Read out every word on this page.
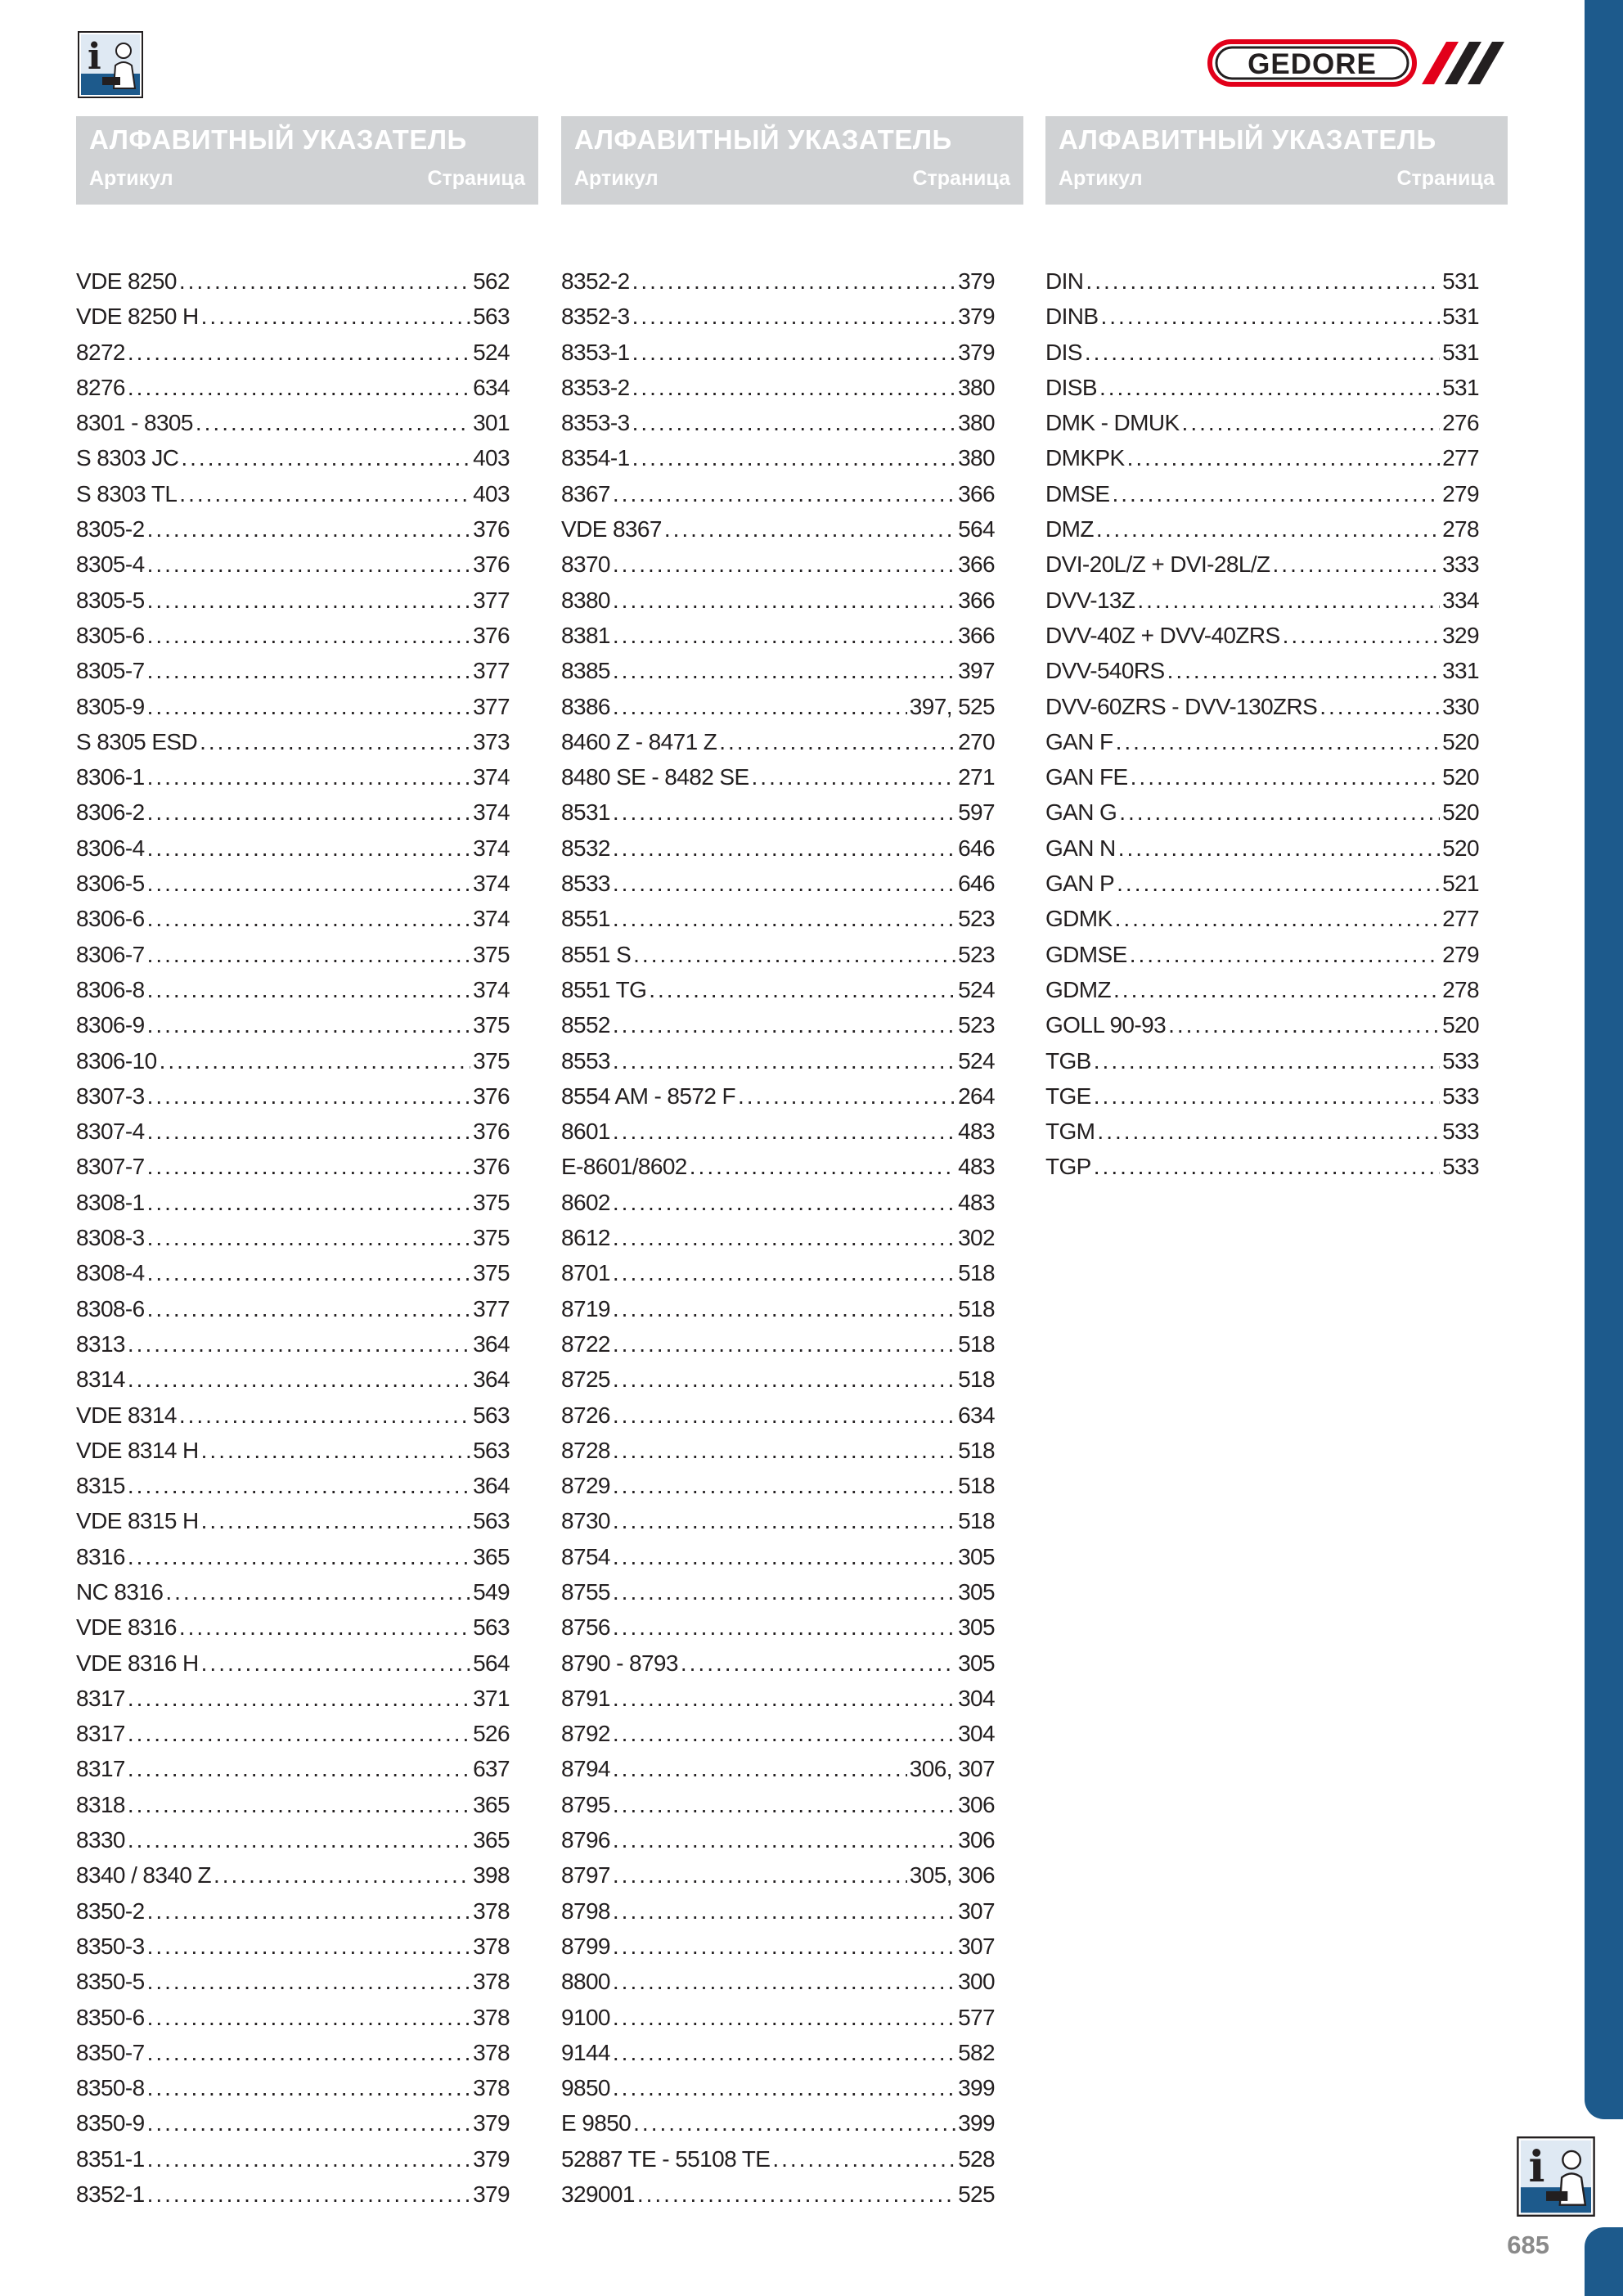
i	GEDORE
АЛФАВИТНЫЙ УКАЗАТЕЛЬ
Артикул	Страница
АЛФАВИТНЫЙ УКАЗАТЕЛЬ
Артикул	Страница
АЛФАВИТНЫЙ УКАЗАТЕЛЬ
Артикул	Страница
VDE 8250 .....	562
VDE 8250 H .....	563
8272 .....	524
8276 .....	634
8301 - 8305 .....	301
S 8303 JC .....	403
S 8303 TL .....	403
8305-2 .....	376
8305-4 .....	376
8305-5 .....	377
8305-6 .....	376
8305-7 .....	377
8305-9 .....	377
S 8305 ESD .....	373
8306-1 .....	374
8306-2 .....	374
8306-4 .....	374
8306-5 .....	374
8306-6 .....	374
8306-7 .....	375
8306-8 .....	374
8306-9 .....	375
8306-10 .....	375
8307-3 .....	376
8307-4 .....	376
8307-7 .....	376
8308-1 .....	375
8308-3 .....	375
8308-4 .....	375
8308-6 .....	377
8313 .....	364
8314 .....	364
VDE 8314 .....	563
VDE 8314 H .....	563
8315 .....	364
VDE 8315 H .....	563
8316 .....	365
NC 8316 .....	549
VDE 8316 .....	563
VDE 8316 H .....	564
8317 .....	371
8317 .....	526
8317 .....	637
8318 .....	365
8330 .....	365
8340 / 8340 Z .....	398
8350-2 .....	378
8350-3 .....	378
8350-5 .....	378
8350-6 .....	378
8350-7 .....	378
8350-8 .....	378
8350-9 .....	379
8351-1 .....	379
8352-1 .....	379
8352-2 .....	379
8352-3 .....	379
8353-1 .....	379
8353-2 .....	380
8353-3 .....	380
8354-1 .....	380
8367 .....	366
VDE 8367 .....	564
8370 .....	366
8380 .....	366
8381 .....	366
8385 .....	397
8386 .....	397, 525
8460 Z - 8471 Z .....	270
8480 SE - 8482 SE .....	271
8531 .....	597
8532 .....	646
8533 .....	646
8551 .....	523
8551 S .....	523
8551 TG .....	524
8552 .....	523
8553 .....	524
8554 AM - 8572 F .....	264
8601 .....	483
E-8601/8602 .....	483
8602 .....	483
8612 .....	302
8701 .....	518
8719 .....	518
8722 .....	518
8725 .....	518
8726 .....	634
8728 .....	518
8729 .....	518
8730 .....	518
8754 .....	305
8755 .....	305
8756 .....	305
8790 - 8793 .....	305
8791 .....	304
8792 .....	304
8794 .....	306, 307
8795 .....	306
8796 .....	306
8797 .....	305, 306
8798 .....	307
8799 .....	307
8800 .....	300
9100 .....	577
9144 .....	582
9850 .....	399
E 9850 .....	399
52887 TE - 55108 TE .....	528
329001 .....	525
DIN .....	531
DINB .....	531
DIS .....	531
DISB .....	531
DMK - DMUK .....	276
DMKPK .....	277
DMSE .....	279
DMZ .....	278
DVI-20L/Z + DVI-28L/Z .....	333
DVV-13Z .....	334
DVV-40Z + DVV-40ZRS .....	329
DVV-540RS .....	331
DVV-60ZRS - DVV-130ZRS .....	330
GAN F .....	520
GAN FE .....	520
GAN G .....	520
GAN N .....	520
GAN P .....	521
GDMK .....	277
GDMSE .....	279
GDMZ .....	278
GOLL 90-93 .....	520
TGB .....	533
TGE .....	533
TGM .....	533
TGP .....	533
i
685
